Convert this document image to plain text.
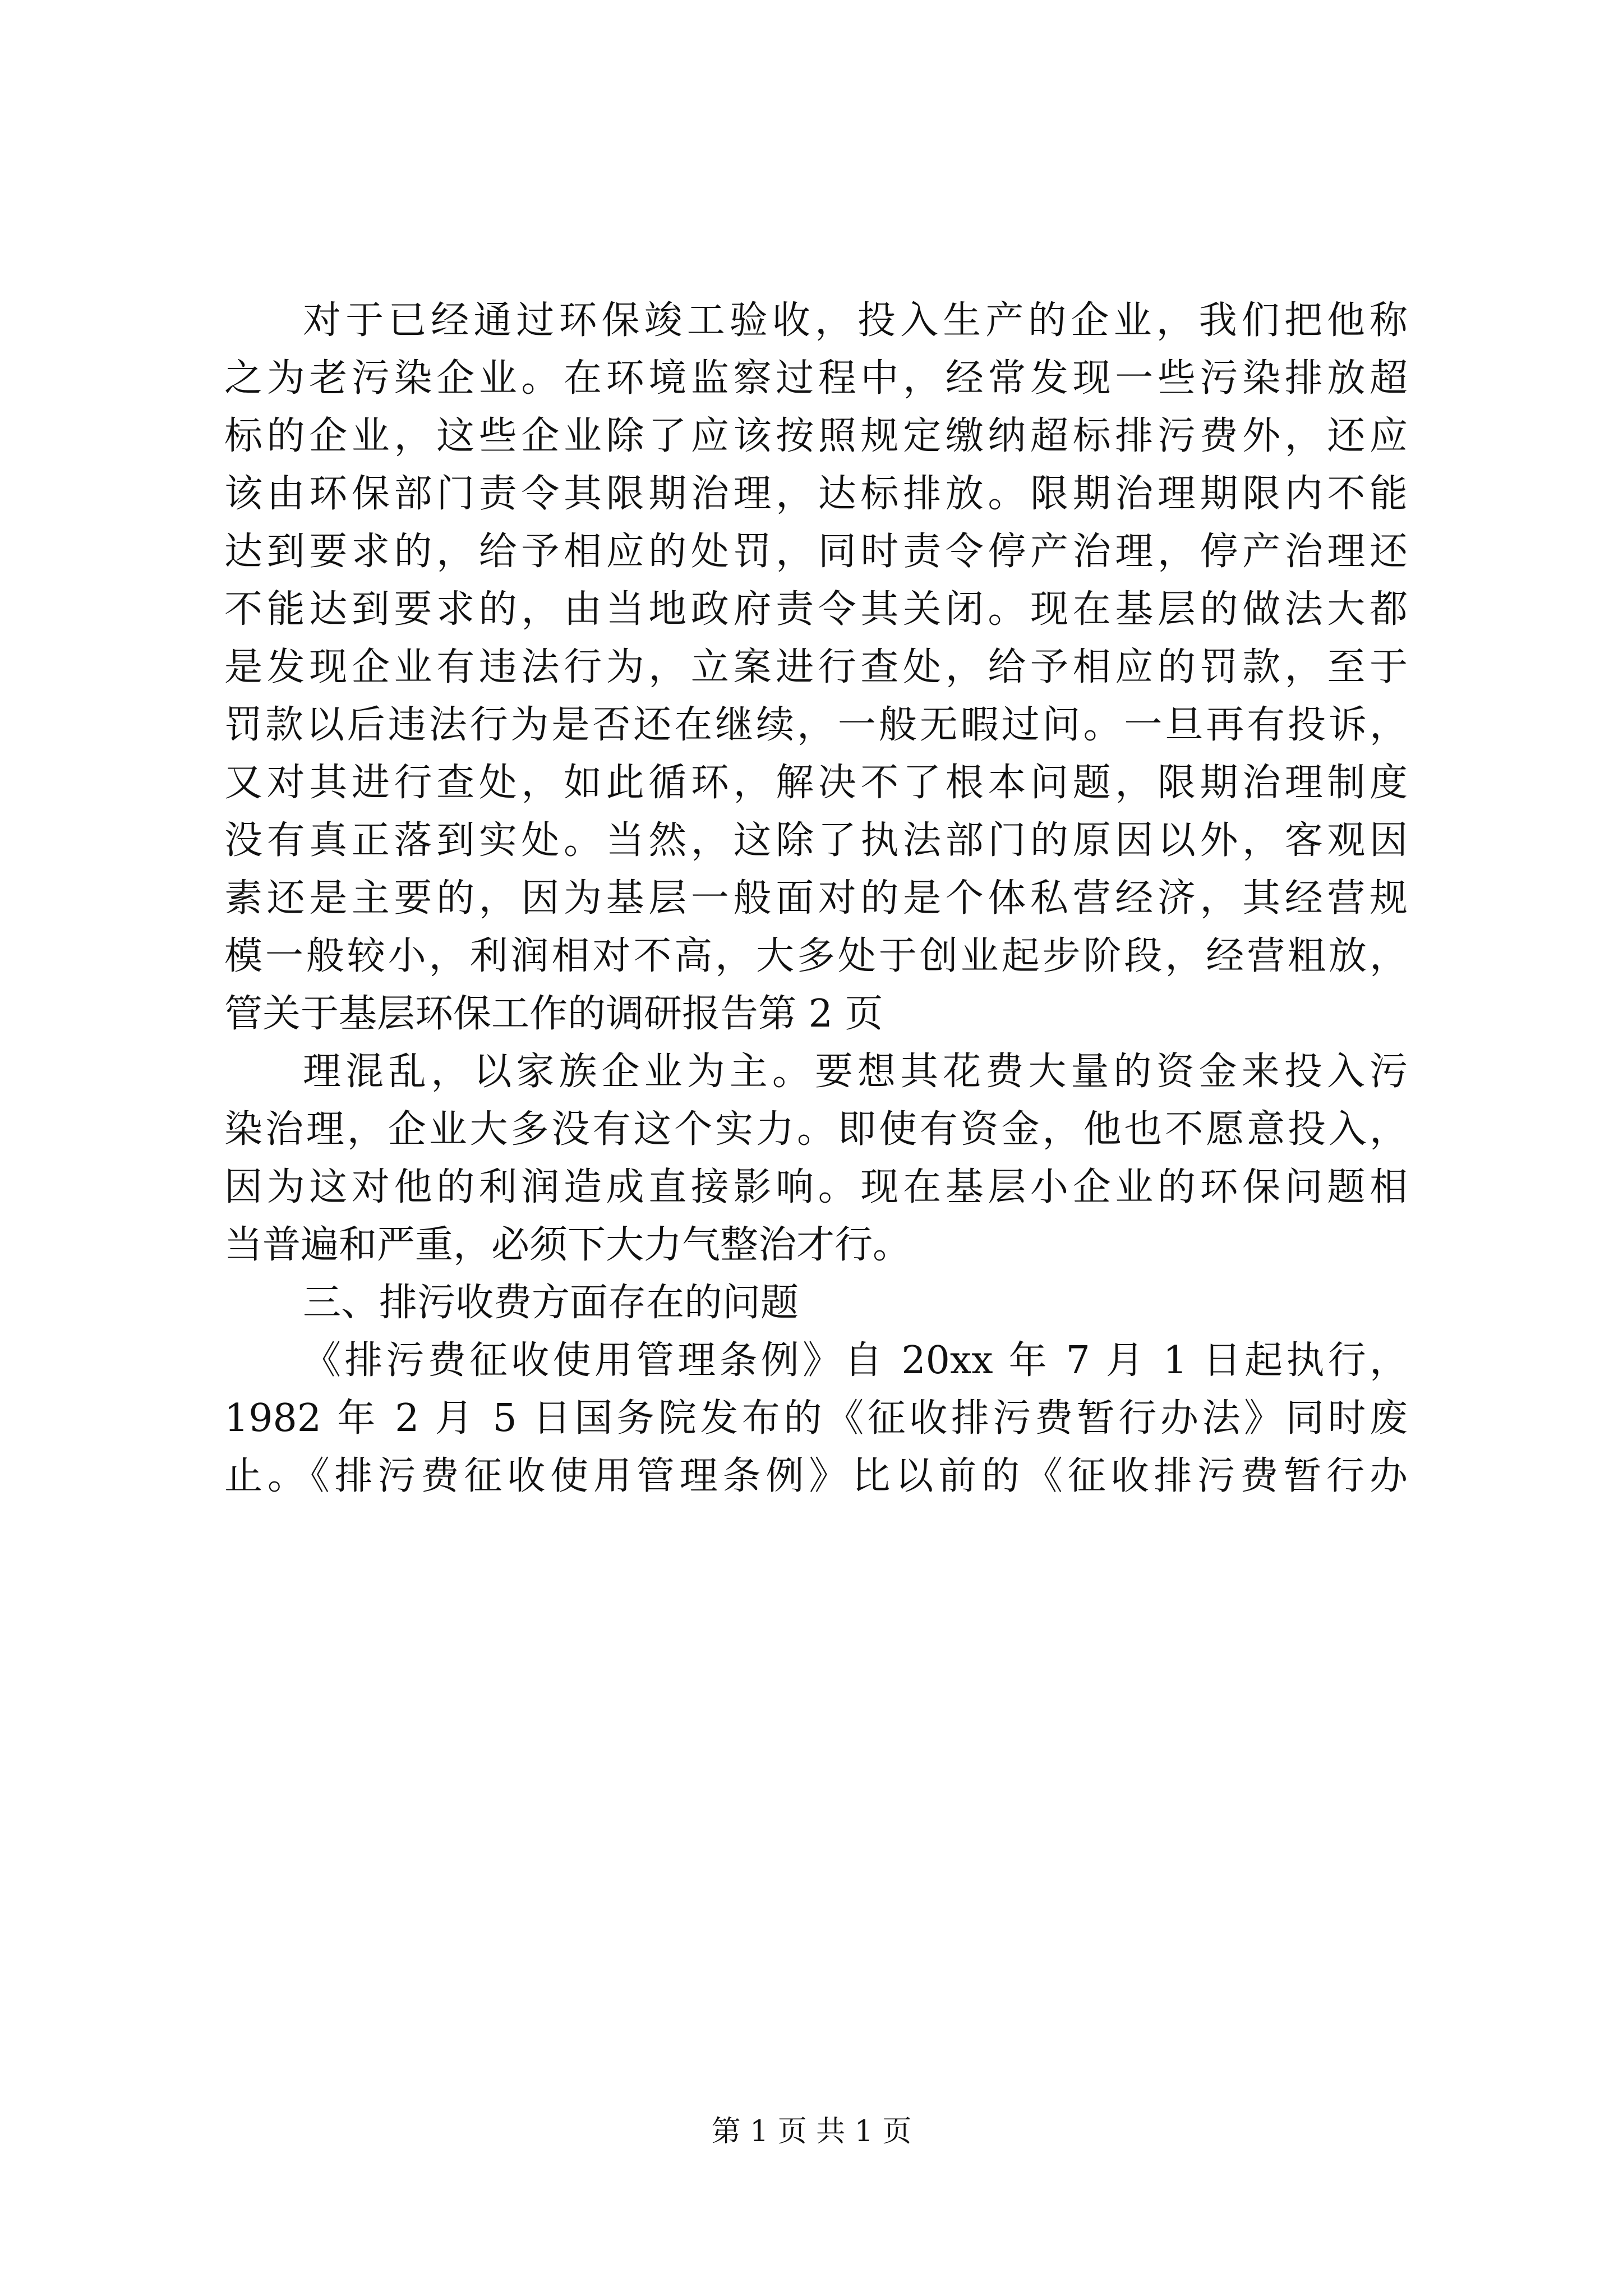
对于已经通过环保竣工验收，投入生产的企业，我们把他称
之为老污染企业。在环境监察过程中，经常发现一些污染排放超
标的企业，这些企业除了应该按照规定缴纳超标排污费外，还应
该由环保部门责令其限期治理，达标排放。限期治理期限内不能
达到要求的，给予相应的处罚，同时责令停产治理，停产治理还
不能达到要求的，由当地政府责令其关闭。现在基层的做法大都
是发现企业有违法行为，立案进行查处，给予相应的罚款，至于
罚款以后违法行为是否还在继续，一般无暇过问。一旦再有投诉，
又对其进行查处，如此循环，解决不了根本问题，限期治理制度
没有真正落到实处。当然，这除了执法部门的原因以外，客观因
素还是主要的，因为基层一般面对的是个体私营经济，其经营规
模一般较小，利润相对不高，大多处于创业起步阶段，经营粗放，
管关于基层环保工作的调研报告第 2 页
理混乱，以家族企业为主。要想其花费大量的资金来投入污
染治理，企业大多没有这个实力。即使有资金，他也不愿意投入，
因为这对他的利润造成直接影响。现在基层小企业的环保问题相
当普遍和严重，必须下大力气整治才行。
三、排污收费方面存在的问题
《排污费征收使用管理条例》自 20xx 年 7 月 1 日起执行，
1982 年 2 月 5 日国务院发布的《征收排污费暂行办法》同时废
止。《排污费征收使用管理条例》比以前的《征收排污费暂行办
第 1 页 共 1 页
